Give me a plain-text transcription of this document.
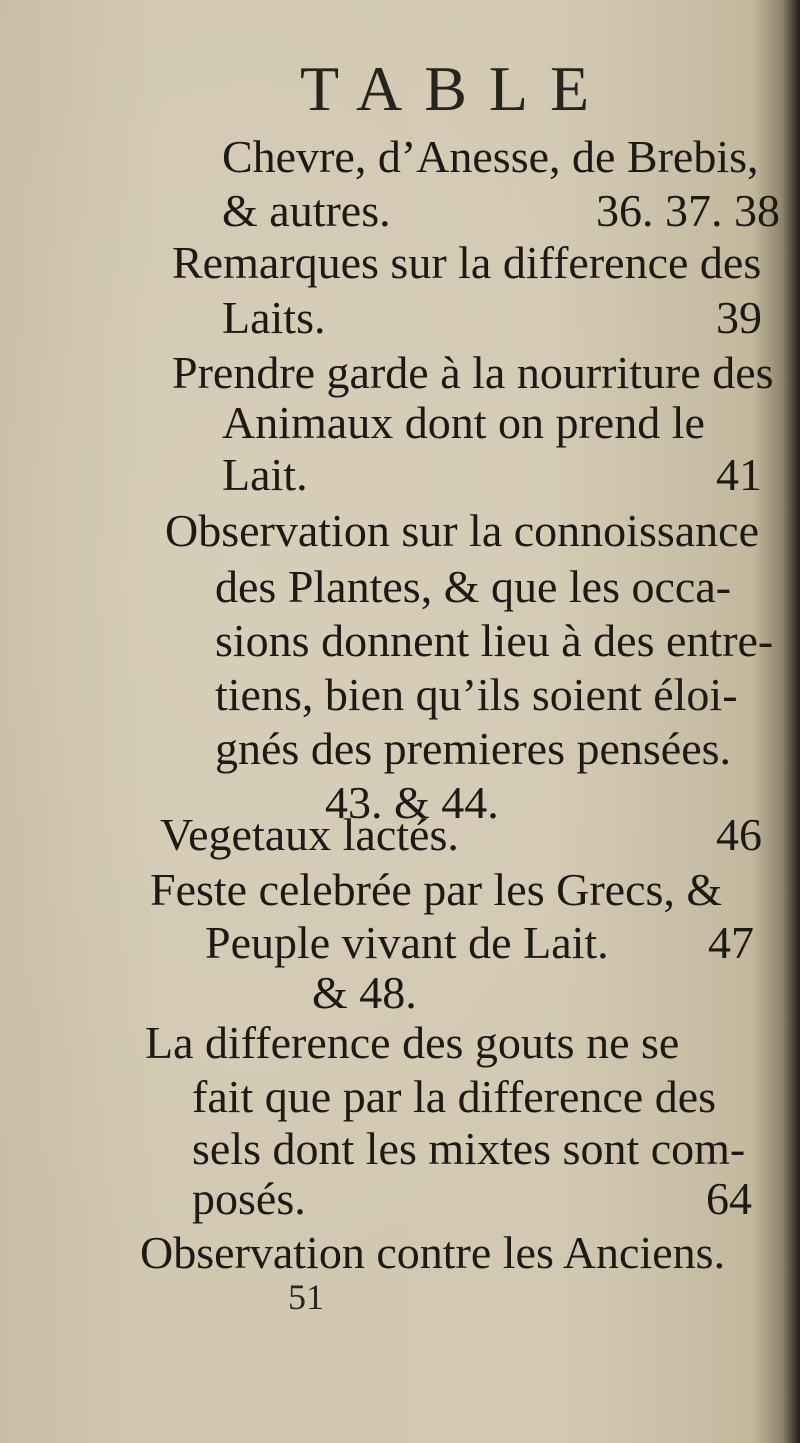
TABLE
Chevre, d’Anesse, de Brebis,
& autres.	36. 37. 38
Remarques sur la difference des
Laits.	39
Prendre garde à la nourriture des
Animaux dont on prend le
Lait.	41
Observation sur la connoissance
des Plantes, & que les occa-
sions donnent lieu à des entre-
tiens, bien qu’ils soient éloi-
gnés des premieres pensées.
43. & 44.
Vegetaux lactés.	46
Feste celebrée par les Grecs, &
Peuple vivant de Lait. 47
& 48.
La difference des gouts ne se
fait que par la difference des
sels dont les mixtes sont com-
posés.	64
Observation contre les Anciens.
51
